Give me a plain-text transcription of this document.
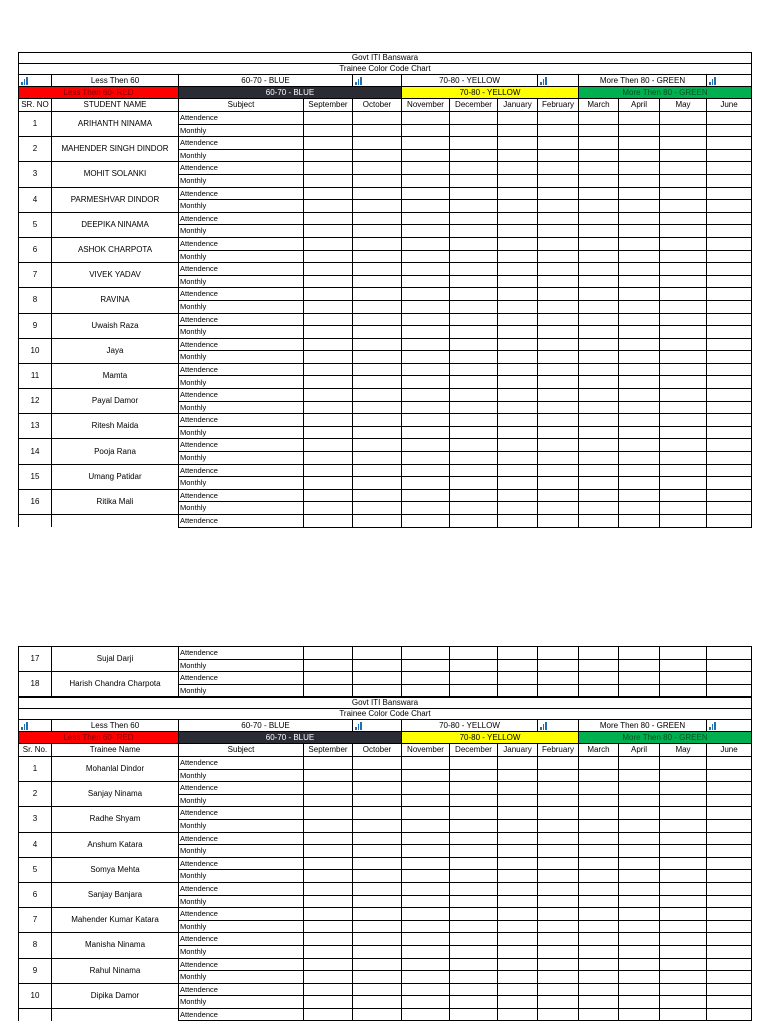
Govt ITI Banswara												
Trainee Color Code Chart												

	Less Then 60	60-70 - BLUE			70-80 - YELLOW				More Then 80 - GREEN			

Less Then 60- RED		60-70 - BLUE			70-80 - YELLOW				More Then 80 - GREEN			
SR. NO	STUDENT NAME	Subject	September	October	November	December	January	February	March	April	May	June
1	ARIHANTH NINAMA	Attendence										
		Monthly										
2	MAHENDER SINGH DINDOR	Attendence										
		Monthly										
3	MOHIT SOLANKI	Attendence										
		Monthly										
4	PARMESHVAR DINDOR	Attendence										
		Monthly										
5	DEEPIKA NINAMA	Attendence										
		Monthly										
6	ASHOK CHARPOTA	Attendence										
		Monthly										
7	VIVEK YADAV	Attendence										
		Monthly										
8	RAVINA	Attendence										
		Monthly										
9	Uwaish Raza	Attendence										
		Monthly										
10	Jaya	Attendence										
		Monthly										
11	Mamta	Attendence										
		Monthly										
12	Payal Damor	Attendence										
		Monthly										
13	Ritesh Maida	Attendence										
		Monthly										
14	Pooja Rana	Attendence										
		Monthly										
15	Umang Patidar	Attendence										
		Monthly										
16	Ritika Mali	Attendence										
		Monthly										
		Attendence										
17	Sujal Darji	Attendence										
		Monthly										
18	Harish Chandra Charpota	Attendence										
		Monthly										
Govt ITI Banswara												
Trainee Color Code Chart												

	Less Then 60	60-70 - BLUE			70-80 - YELLOW				More Then 80 - GREEN			

Less Then 60- RED		60-70 - BLUE			70-80 - YELLOW				More Then 80 - GREEN			
Sr. No.	Trainee Name	Subject	September	October	November	December	January	February	March	April	May	June
1	Mohanlal Dindor	Attendence										
		Monthly										
2	Sanjay Ninama	Attendence										
		Monthly										
3	Radhe Shyam	Attendence										
		Monthly										
4	Anshum Katara	Attendence										
		Monthly										
5	Somya Mehta	Attendence										
		Monthly										
6	Sanjay Banjara	Attendence										
		Monthly										
7	Mahender Kumar Katara	Attendence										
		Monthly										
8	Manisha Ninama	Attendence										
		Monthly										
9	Rahul Ninama	Attendence										
		Monthly										
10	Dipika Damor	Attendence										
		Monthly										
		Attendence										
